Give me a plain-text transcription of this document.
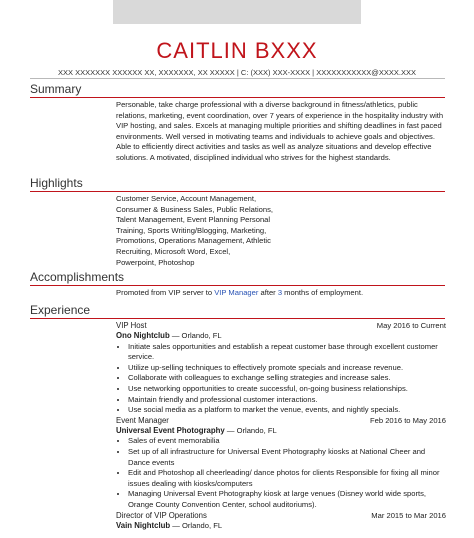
CAITLIN BXXX
XXX XXXXXXX XXXXXX XX, XXXXXXX, XX XXXXX | C: (XXX) XXX-XXXX | XXXXXXXXXXX@XXXX.XXX
Summary
Personable, take charge professional with a diverse background in fitness/athletics, public relations, marketing, event coordination, over 7 years of experience in the hospitality industry with VIP hosting, and sales. Excels at managing multiple priorities and shifting deadlines in fast paced environments. Well versed in motivating teams and individuals to achieve goals and objectives. Able to efficiently direct activities and tasks as well as analyze situations and develop effective solutions. A motivated, disciplined individual who strives for the highest standards.
Highlights
Customer Service, Account Management,
Consumer & Business Sales, Public Relations,
Talent Management, Event Planning Personal
Training, Sports Writing/Blogging, Marketing,
Promotions, Operations Management, Athletic
Recruiting, Microsoft Word, Excel,
Powerpoint, Photoshop
Accomplishments
Promoted from VIP server to VIP Manager after 3 months of employment.
Experience
VIP Host	May 2016 to Current
Ono Nightclub — Orlando, FL
• Initiate sales opportunities and establish a repeat customer base through excellent customer service.
• Utilize up-selling techniques to effectively promote specials and increase revenue.
• Collaborate with colleagues to exchange selling strategies and increase sales.
• Use networking opportunities to create successful, on-going business relationships.
• Maintain friendly and professional customer interactions.
• Use social media as a platform to market the venue, events, and nightly specials.
Event Manager	Feb 2016 to May 2016
Universal Event Photography — Orlando, FL
• Sales of event memorabilia
• Set up of all infrastructure for Universal Event Photography kiosks at National Cheer and Dance events
• Edit and Photoshop all cheerleading/ dance photos for clients Responsible for fixing all minor issues dealing with kiosks/computers
• Managing Universal Event Photography kiosk at large venues (Disney world wide sports, Orange County Convention Center, school auditoriums).
Director of VIP Operations	Mar 2015 to Mar 2016
Vain Nightclub — Orlando, FL
